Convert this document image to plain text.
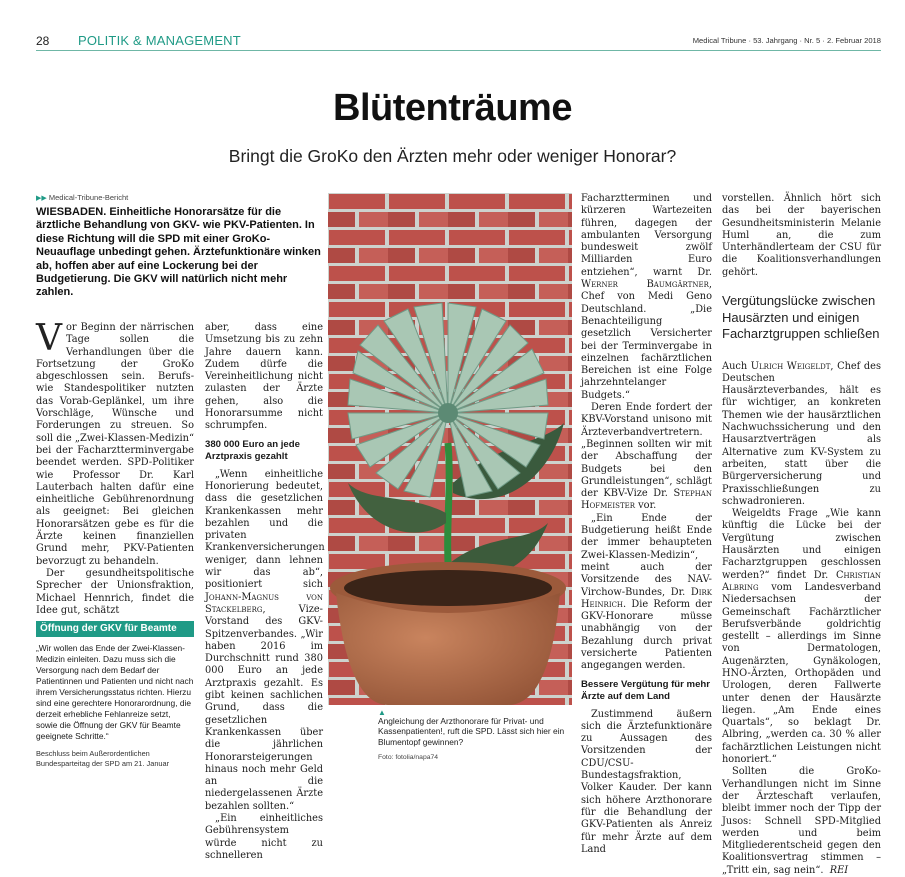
28 POLITIK & MANAGEMENT	Medical Tribune · 53. Jahrgang · Nr. 5 · 2. Februar 2018
Blütenträume
Bringt die GroKo den Ärzten mehr oder weniger Honorar?
▶▶ Medical-Tribune-Bericht
WIESBADEN. Einheitliche Honorarsätze für die ärztliche Behandlung von GKV- wie PKV-Patienten. In diese Richtung will die SPD mit einer GroKo-Neuauflage unbedingt gehen. Ärztefunktionäre winken ab, hoffen aber auf eine Lockerung bei der Budgetierung. Die GKV will natürlich nicht mehr zahlen.

Vor Beginn der närrischen Tage sollen die Verhandlungen über die Fortsetzung der GroKo abgeschlossen sein. Berufs- wie Standespolitiker nutzten das Vorab-Geplänkel, um ihre Vorschläge, Wünsche und Forderungen zu streuen. So soll die „Zwei-Klassen-Medizin“ bei der Facharztterminvergabe beendet werden. SPD-Politiker wie Professor Dr. Karl Lauterbach halten dafür eine einheitliche Gebührenordnung als geeignet: Bei gleichen Honorarsätzen gebe es für die Ärzte keinen finanziellen Grund mehr, PKV-Patienten bevorzugt zu behandeln.

Der gesundheitspolitische Sprecher der Unionsfraktion, Michael Hennrich, findet die Idee gut, schätzt

Öffnung der GKV für Beamte
„Wir wollen das Ende der Zwei-Klassen-Medizin einleiten. Dazu muss sich die Versorgung nach dem Bedarf der Patientinnen und Patienten und nicht nach ihrem Versicherungsstatus richten. Hierzu sind eine gerechtere Honorarordnung, die derzeit erhebliche Fehlanreize setzt, sowie die Öffnung der GKV für Beamte geeignete Schritte.“
Beschluss beim Außerordentlichen Bundesparteitag der SPD am 21. Januar

aber, dass eine Umsetzung bis zu zehn Jahre dauern kann. Zudem dürfe die Vereinheitlichung nicht zulasten der Ärzte gehen, also die Honorarsumme nicht schrumpfen.

380 000 Euro an jede Arztpraxis gezahlt

„Wenn einheitliche Honorierung bedeutet, dass die gesetzlichen Krankenkassen mehr bezahlen und die privaten Krankenversicherungen weniger, dann lehnen wir das ab“, positioniert sich Johann-Magnus von Stackelberg, Vize-Vorstand des GKV-Spitzenverbandes. „Wir haben 2016 im Durchschnitt rund 380 000 Euro an jede Arztpraxis gezahlt. Es gibt keinen sachlichen Grund, dass die gesetzlichen Krankenkassen über die jährlichen Honorarsteigerungen hinaus noch mehr Geld an die niedergelassenen Ärzte bezahlen sollten.“

„Ein einheitliches Gebührensystem würde nicht zu schnelleren

▲
Angleichung der Arzthonorare für Privat- und Kassenpatienten!, ruft die SPD. Lässt sich hier ein Blumentopf gewinnen?
Foto: fotolia/napa74

Facharztterminen und kürzeren Wartezeiten führen, dagegen der ambulanten Versorgung bundesweit zwölf Milliarden Euro entziehen“, warnt Dr. Werner Baumgärtner, Chef von Medi Geno Deutschland. „Die Benachteiligung gesetzlich Versicherter bei der Terminvergabe in einzelnen fachärztlichen Bereichen ist eine Folge jahrzehntelanger Budgets.“

Deren Ende fordert der KBV-Vorstand unisono mit Ärzteverbandvertretern. „Beginnen sollten wir mit der Abschaffung der Budgets bei den Grundleistungen“, schlägt der KBV-Vize Dr. Stephan Hofmeister vor.

„Ein Ende der Budgetierung heißt Ende der immer behaupteten Zwei-Klassen-Medizin“, meint auch der Vorsitzende des NAV-Virchow-Bundes, Dr. Dirk Heinrich. Die Reform der GKV-Honorare müsse unabhängig von der Bezahlung durch privat versicherte Patienten angegangen werden.

Bessere Vergütung für mehr Ärzte auf dem Land

Zustimmend äußern sich die Ärztefunktionäre zu Aussagen des Vorsitzenden der CDU/CSU-Bundestagsfraktion, Volker Kauder. Der kann sich höhere Arzthonorare für die Behandlung der GKV-Patienten als Anreiz für mehr Ärzte auf dem Land

vorstellen. Ähnlich hört sich das bei der bayerischen Gesundheitsministerin Melanie Huml an, die zum Unterhändlerteam der CSU für die Koalitionsverhandlungen gehört.

Vergütungslücke zwischen Hausärzten und einigen Facharztgruppen schließen

Auch Ulrich Weigeldt, Chef des Deutschen Hausärzteverbandes, hält es für wichtiger, an konkreten Themen wie der hausärztlichen Nachwuchssicherung und den Hausarztverträgen als Alternative zum KV-System zu arbeiten, statt über die Bürgerversicherung und Praxisschließungen zu schwadronieren.

Weigeldts Frage „Wie kann künftig die Lücke bei der Vergütung zwischen Hausärzten und einigen Facharztgruppen geschlossen werden?“ findet Dr. Christian Albring vom Landesverband Niedersachsen der Gemeinschaft Fachärztlicher Berufsverbände goldrichtig gestellt – allerdings im Sinne von Dermatologen, Augenärzten, Gynäkologen, HNO-Ärzten, Orthopäden und Urologen, deren Fallwerte unter denen der Hausärzte liegen. „Am Ende eines Quartals“, so beklagt Dr. Albring, „werden ca. 30 % aller fachärztlichen Leistungen nicht honoriert.“

Sollten die GroKo-Verhandlungen nicht im Sinne der Ärzteschaft verlaufen, bleibt immer noch der Tipp der Jusos: Schnell SPD-Mitglied werden und beim Mitgliederentscheid gegen den Koalitionsvertrag stimmen – „Tritt ein, sag nein“. REI
